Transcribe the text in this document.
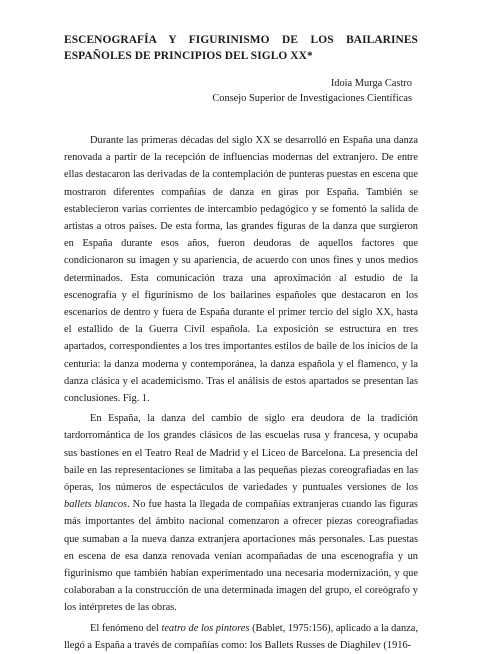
ESCENOGRAFÍA Y FIGURINISMO DE LOS BAILARINES
ESPAÑOLES DE PRINCIPIOS DEL SIGLO XX*
Idoia Murga Castro
Consejo Superior de Investigaciones Científicas

Durante las primeras décadas del siglo XX se desarrolló en España una danza renovada a partir de la recepción de influencias modernas del extranjero. De entre ellas destacaron las derivadas de la contemplación de punteras puestas en escena que mostraron diferentes compañías de danza en giras por España. También se establecieron varias corrientes de intercambio pedagógico y se fomentó la salida de artistas a otros países. De esta forma, las grandes figuras de la danza que surgieron en España durante esos años, fueron deudoras de aquellos factores que condicionaron su imagen y su apariencia, de acuerdo con unos fines y unos medios determinados. Esta comunicación traza una aproximación al estudio de la escenografía y el figurinismo de los bailarines españoles que destacaron en los escenarios de dentro y fuera de España durante el primer tercio del siglo XX, hasta el estallido de la Guerra Civil española. La exposición se estructura en tres apartados, correspondientes a los tres importantes estilos de baile de los inicios de la centuria: la danza moderna y contemporánea, la danza española y el flamenco, y la danza clásica y el academicismo. Tras el análisis de estos apartados se presentan las conclusiones. Fig. 1.

En España, la danza del cambio de siglo era deudora de la tradición tardorromántica de los grandes clásicos de las escuelas rusa y francesa, y ocupaba sus bastiones en el Teatro Real de Madrid y el Liceo de Barcelona. La presencia del baile en las representaciones se limitaba a las pequeñas piezas coreografiadas en las óperas, los números de espectáculos de variedades y puntuales versiones de los ballets blancos. No fue hasta la llegada de compañías extranjeras cuando las figuras más importantes del ámbito nacional comenzaron a ofrecer piezas coreografiadas que sumaban a la nueva danza extranjera aportaciones más personales. Las puestas en escena de esa danza renovada venían acompañadas de una escenografía y un figurinismo que también habían experimentado una necesaria modernización, y que colaboraban a la construcción de una determinada imagen del grupo, el coreógrafo y los intérpretes de las obras.

El fenómeno del teatro de los pintores (Bablet, 1975:156), aplicado a la danza, llegó a España a través de compañías como: los Ballets Russes de Diaghilev (1916-
